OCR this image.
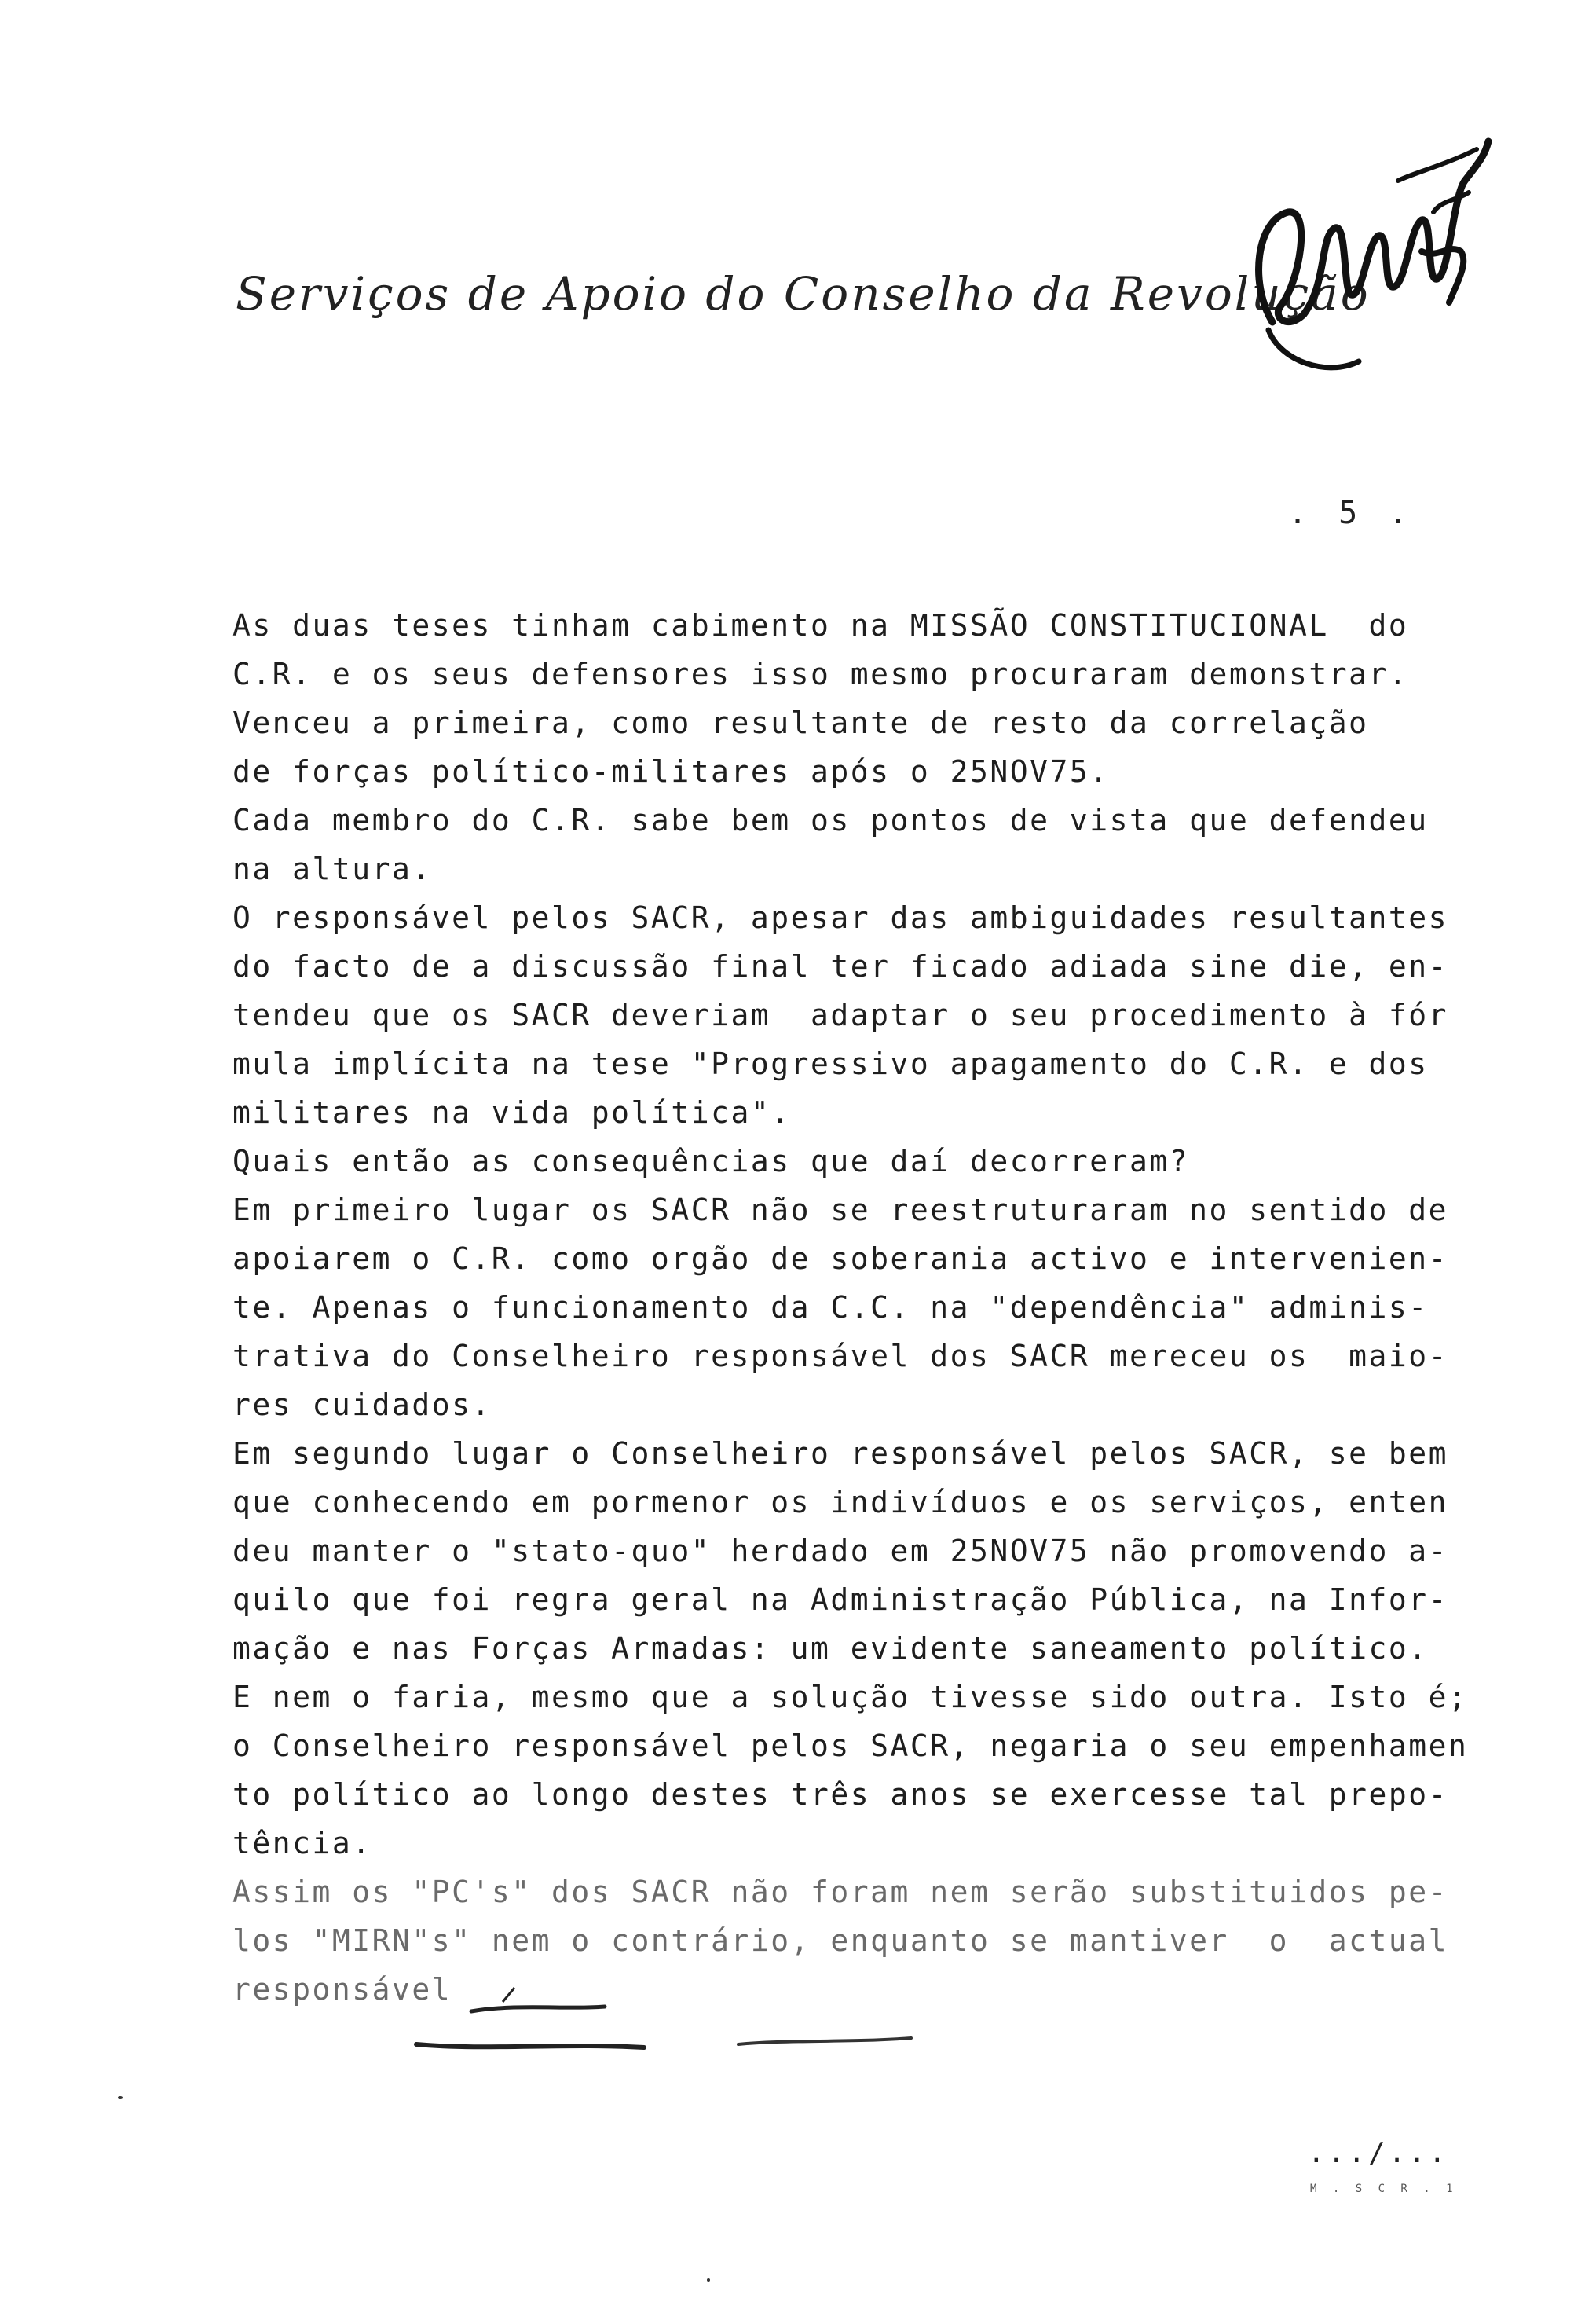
Serviços de Apoio do Conselho da Revolução
. 5 .
As duas teses tinham cabimento na MISSÃO CONSTITUCIONAL  do
C.R. e os seus defensores isso mesmo procuraram demonstrar.
Venceu a primeira, como resultante de resto da correlação
de forças político-militares após o 25NOV75.
Cada membro do C.R. sabe bem os pontos de vista que defendeu
na altura.
O responsável pelos SACR, apesar das ambiguidades resultantes
do facto de a discussão final ter ficado adiada sine die, en-
tendeu que os SACR deveriam  adaptar o seu procedimento à fór
mula implícita na tese "Progressivo apagamento do C.R. e dos
militares na vida política".
Quais então as consequências que daí decorreram?
Em primeiro lugar os SACR não se reestruturaram no sentido de
apoiarem o C.R. como orgão de soberania activo e intervenien-
te. Apenas o funcionamento da C.C. na "dependência" adminis-
trativa do Conselheiro responsável dos SACR mereceu os  maio-
res cuidados.
Em segundo lugar o Conselheiro responsável pelos SACR, se bem
que conhecendo em pormenor os indivíduos e os serviços, enten
deu manter o "stato-quo" herdado em 25NOV75 não promovendo a-
quilo que foi regra geral na Administração Pública, na Infor-
mação e nas Forças Armadas: um evidente saneamento político.
E nem o faria, mesmo que a solução tivesse sido outra. Isto é;
o Conselheiro responsável pelos SACR, negaria o seu empenhamen
to político ao longo destes três anos se exercesse tal prepo-
tência.
Assim os "PC's" dos SACR não foram nem serão substituidos pe-
los "MIRN"s" nem o contrário, enquanto se mantiver  o  actual
responsável
.../...
M . S C R . 1
